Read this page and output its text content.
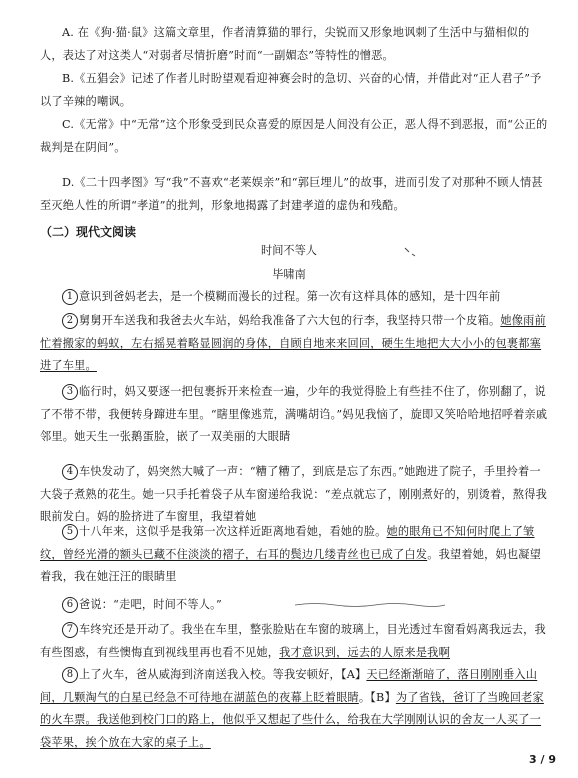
A. 在《狗·猫·鼠》这篇文章里，作者清算猫的罪行，尖锐而又形象地讽刺了生活中与猫相似的人，表达了对这类人“对弱者尽情折磨”时而“一副媚态”等特性的憎恶。

B.《五猖会》记述了作者儿时盼望观看迎神赛会时的急切、兴奋的心情，并借此对“正人君子”予以了辛辣的嘲讽。

C.《无常》中“无常”这个形象受到民众喜爱的原因是人间没有公正，恶人得不到恶报，而“公正的裁判是在阴间”。

D.《二十四孝图》写“我”不喜欢“老莱娱亲”和“郭巨埋儿”的故事，进而引发了对那种不顾人情甚至灭绝人性的所谓“孝道”的批判，形象地揭露了封建孝道的虚伪和残酷。

（二）现代文阅读
时间不等人
毕啸南

1 意识到爸妈老去，是一个模糊而漫长的过程。第一次有这样具体的感知，是十四年前

2 舅舅开车送我和我爸去火车站，妈给我准备了六大包的行李，我坚持只带一个皮箱。她像雨前忙着搬家的蚂蚁，左右摇晃着略显圆润的身体，自顾自地来来回回，硬生生地把大大小小的包裹都塞进了车里。

3 临行时，妈又要逐一把包裹拆开来检查一遍，少年的我觉得脸上有些挂不住了，你别翻了，说了不带不带，我便转身蹿进车里。“瞎里像逃荒，满嘴胡诌。”妈见我恼了，旋即又笑哈哈地招呼着亲戚邻里。她天生一张鹅蛋脸，嵌了一双美丽的大眼睛

4 车快发动了，妈突然大喊了一声：“糟了糟了，到底是忘了东西。”她跑进了院子，手里拎着一大袋子煮熟的花生。她一只手托着袋子从车窗递给我说：“差点就忘了，刚刚煮好的，别烫着，熬得我眼前发白。妈的脸挤进了车窗里，我望着她

5 十八年来，这似乎是我第一次这样近距离地看她，看她的脸。她的眼角已不知何时爬上了皱纹，曾经光滑的额头已藏不住淡淡的褶子，右耳的鬓边几缕青丝也已成了白发。我望着她，妈也凝望着我，我在她汪汪的眼睛里

6 爸说：“走吧，时间不等人。”

7 车终究还是开动了。我坐在车里，整张脸贴在车窗的玻璃上，目光透过车窗看妈离我远去，我有些图惑，有些懊悔直到视线里再也看不见她，我才意识到，远去的人原来是我啊

8 上了火车，爸从威海到济南送我入校。等我安顿好，【A】天已经渐渐暗了，落日刚刚垂入山间，几颗淘气的白星已经急不可待地在湖蓝色的夜幕上眨着眼睛。【B】为了省钱，爸订了当晚回老家的火车票。我送他到校门口的路上，他似乎又想起了些什么，给我在大学刚刚认识的舍友一人买了一袋苹果，挨个放在大家的桌子上。

3 / 9
